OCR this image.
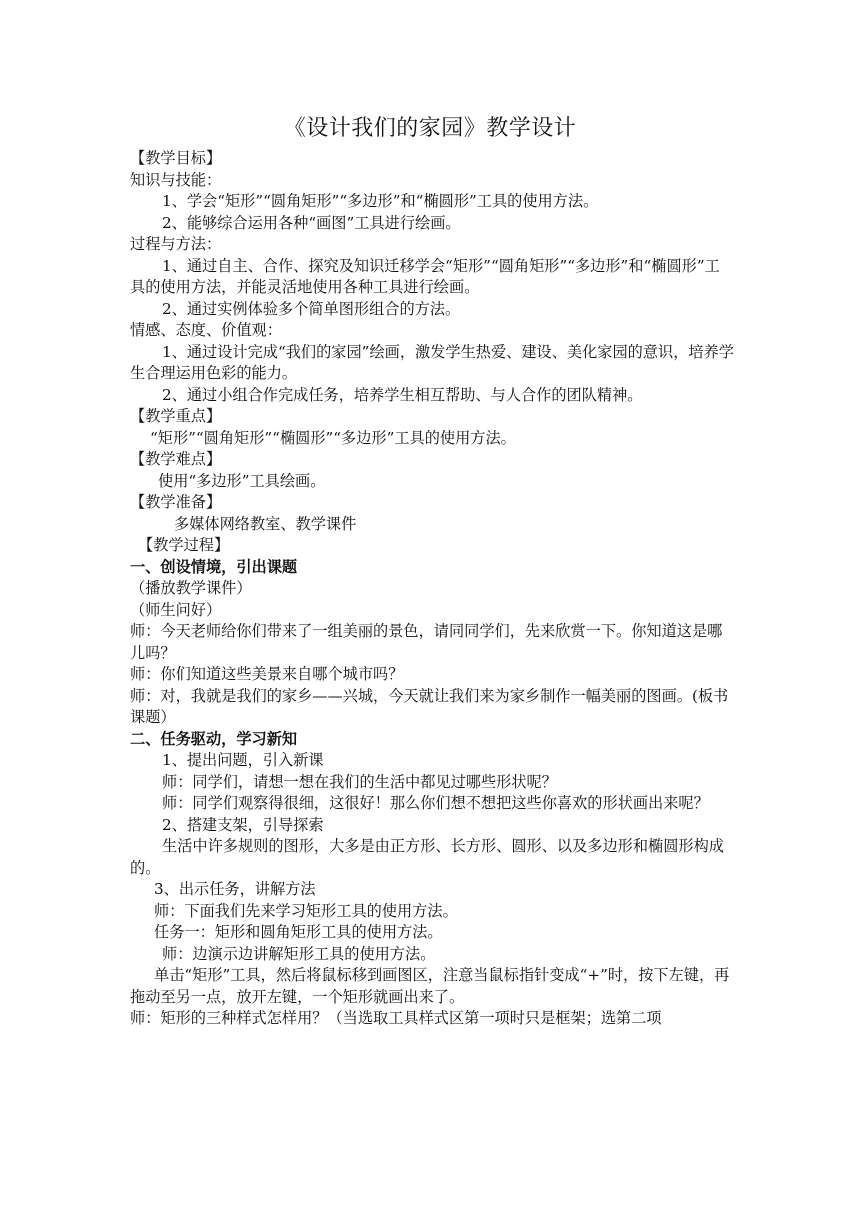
《设计我们的家园》教学设计

【教学目标】

知识与技能：

1、学会“矩形”“圆角矩形”“多边形”和“椭圆形”工具的使用方法。

2、能够综合运用各种“画图”工具进行绘画。

过程与方法：

1、通过自主、合作、探究及知识迁移学会“矩形”“圆角矩形”“多边形”和“椭圆形”工具的使用方法，并能灵活地使用各种工具进行绘画。

2、通过实例体验多个简单图形组合的方法。

情感、态度、价值观：

1、通过设计完成“我们的家园”绘画，激发学生热爱、建设、美化家园的意识，培养学生合理运用色彩的能力。

2、通过小组合作完成任务，培养学生相互帮助、与人合作的团队精神。

【教学重点】

“矩形”“圆角矩形”“椭圆形”“多边形”工具的使用方法。

【教学难点】

使用“多边形”工具绘画。

【教学准备】

多媒体网络教室、教学课件

【教学过程】

一、创设情境，引出课题

（播放教学课件）

（师生问好）

师：今天老师给你们带来了一组美丽的景色，请同同学们，先来欣赏一下。你知道这是哪儿吗？

师：你们知道这些美景来自哪个城市吗？

师：对，我就是我们的家乡——兴城，今天就让我们来为家乡制作一幅美丽的图画。(板书课题）

二、任务驱动，学习新知

1、提出问题，引入新课

师：同学们，请想一想在我们的生活中都见过哪些形状呢？

师：同学们观察得很细，这很好！那么你们想不想把这些你喜欢的形状画出来呢？

2、搭建支架，引导探索

生活中许多规则的图形，大多是由正方形、长方形、圆形、以及多边形和椭圆形构成的。

3、出示任务，讲解方法

师：下面我们先来学习矩形工具的使用方法。

任务一：矩形和圆角矩形工具的使用方法。

师：边演示边讲解矩形工具的使用方法。

单击“矩形”工具，然后将鼠标移到画图区，注意当鼠标指针变成“+”时，按下左键，再拖动至另一点，放开左键，一个矩形就画出来了。

师：矩形的三种样式怎样用？（当选取工具样式区第一项时只是框架；选第二项
